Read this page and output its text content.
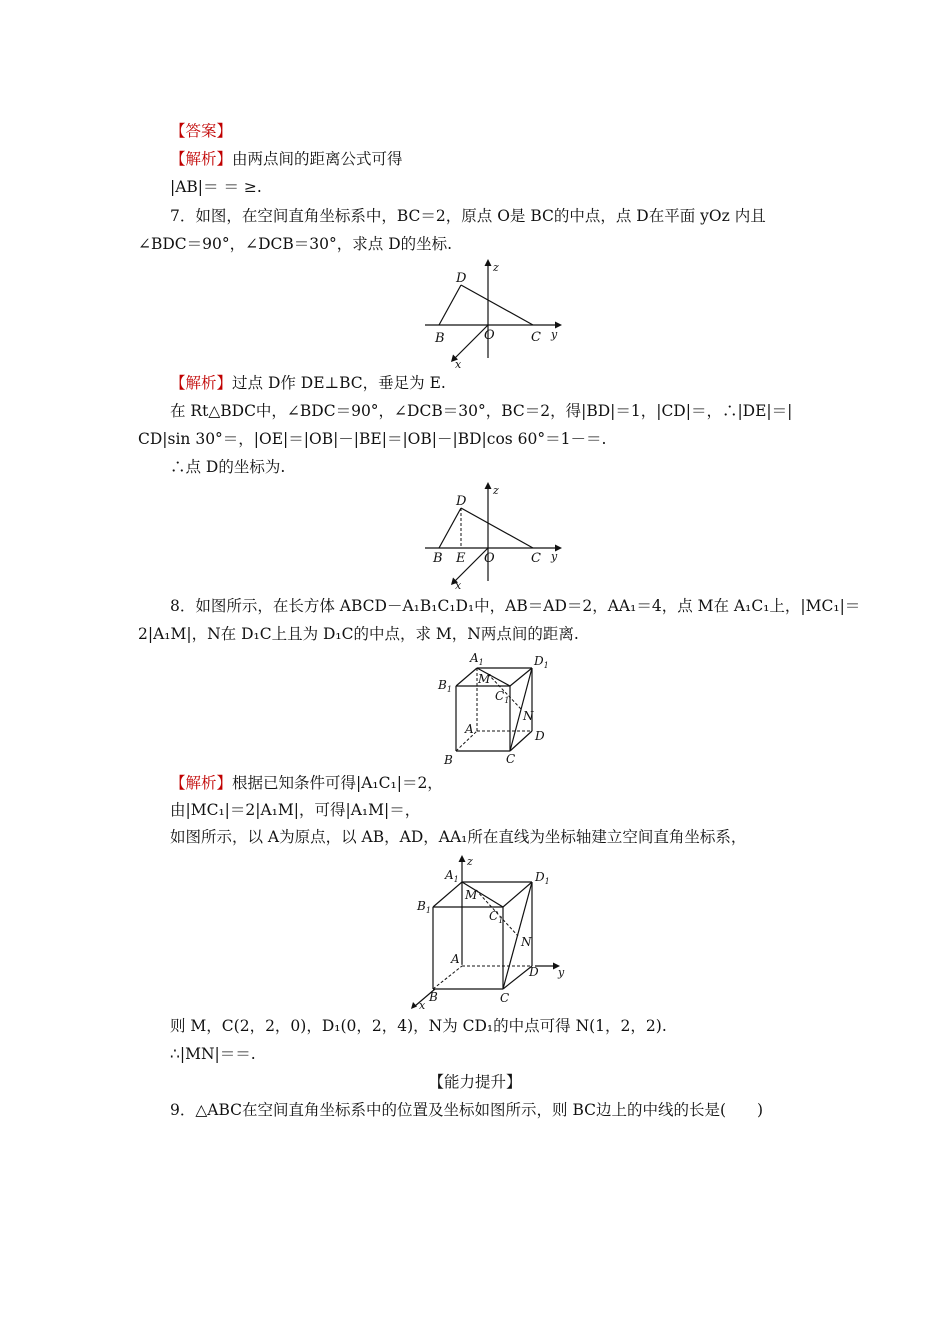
【答案】
【解析】由两点间的距离公式可得
|AB|＝ ＝ ≥.
7．如图，在空间直角坐标系中，BC＝2，原点 O是 BC的中点，点 D在平面 yOz 内且
∠BDC＝90°，∠DCB＝30°，求点 D的坐标.
D
z
B	O	C y
x
【解析】过点 D作 DE⊥BC，垂足为 E.
在 Rt△BDC中，∠BDC＝90°，∠DCB＝30°，BC＝2，得|BD|＝1，|CD|＝，∴|DE|＝|
CD|sin 30°＝，|OE|＝|OB|－|BE|＝|OB|－|BD|cos 60°＝1－＝.
∴点 D的坐标为.
D
z
B E O	C y
x
8．如图所示，在长方体 ABCD－A₁B₁C₁D₁中，AB＝AD＝2，AA₁＝4，点 M在 A₁C₁上，|MC₁|＝
2|A₁M|，N在 D₁C上且为 D₁C的中点，求 M，N两点间的距离.
$A_1$	$D_1$
$B_1$
M
$C_1$
N
A	D
B	C
【解析】根据已知条件可得|A₁C₁|＝2，
由|MC₁|＝2|A₁M|，可得|A₁M|＝，
如图所示，以 A为原点，以 AB，AD，AA₁所在直线为坐标轴建立空间直角坐标系，
z
$A_1$	$D_1$
$B_1$
M
$C_1$
N
A
D y
B	C
x
则 M，C(2，2，0)，D₁(0，2，4)，N为 CD₁的中点可得 N(1，2，2).
∴|MN|＝＝.
【能力提升】
9．△ABC在空间直角坐标系中的位置及坐标如图所示，则 BC边上的中线的长是(　　)
